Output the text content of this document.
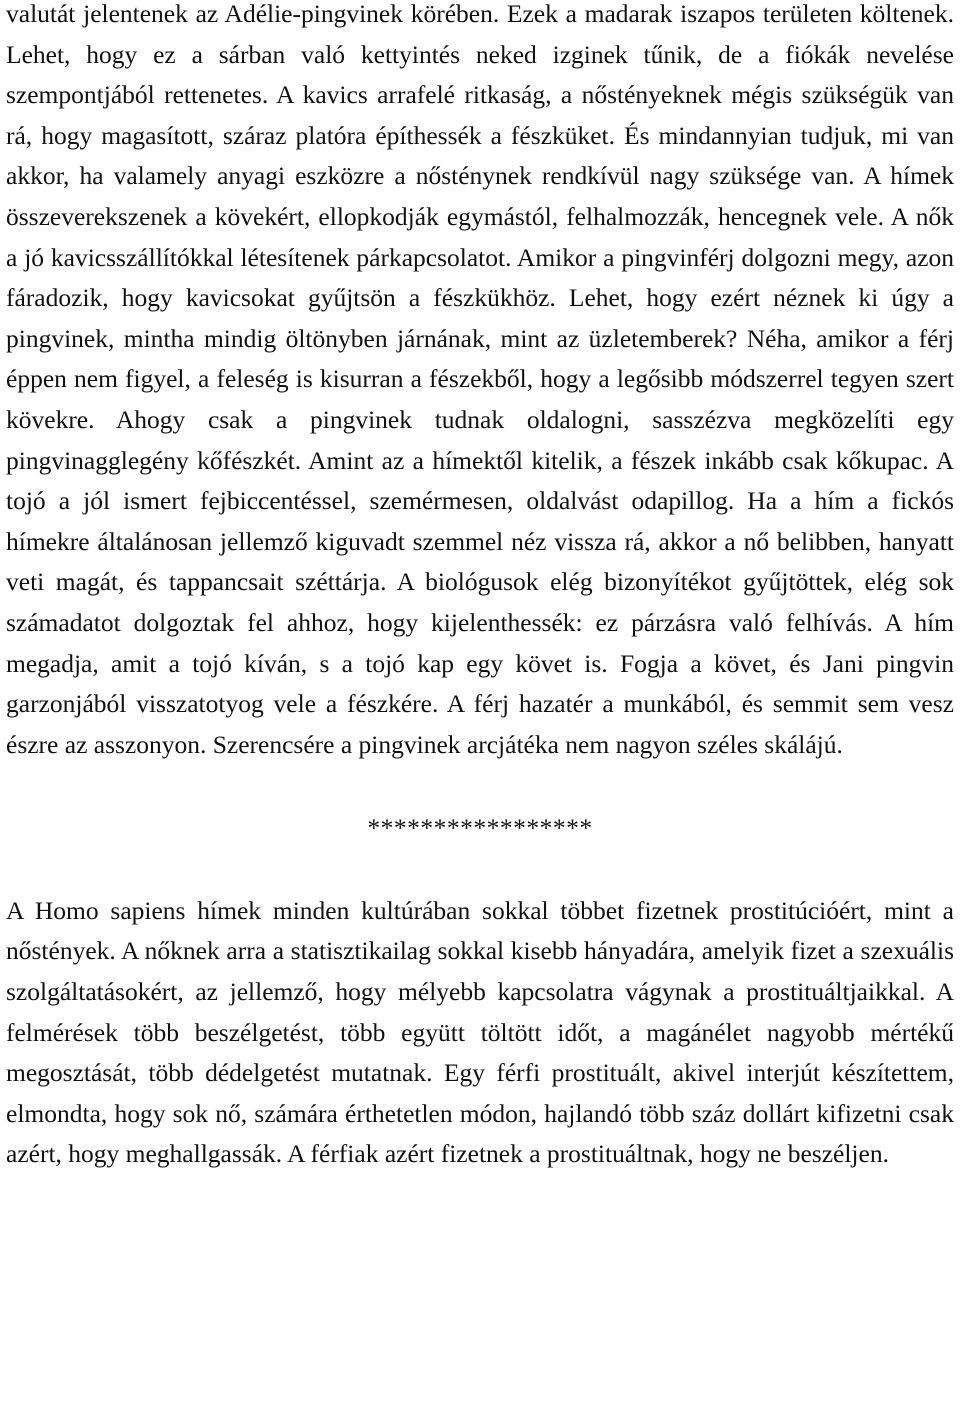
valutát jelentenek az Adélie-pingvinek körében. Ezek a madarak iszapos területen költenek. Lehet, hogy ez a sárban való kettyintés neked izginek tűnik, de a fiókák nevelése szempontjából rettenetes. A kavics arrafelé ritkaság, a nőstényeknek mégis szükségük van rá, hogy magasított, száraz platóra építhessék a fészküket. És mindannyian tudjuk, mi van akkor, ha valamely anyagi eszközre a nősténynek rendkívül nagy szüksége van. A hímek összeverekszenek a kövekért, ellopkodják egymástól, felhalmozzák, hencegnek vele. A nők a jó kavicsszállítókkal létesítenek párkapcsolatot. Amikor a pingvinférj dolgozni megy, azon fáradozik, hogy kavicsokat gyűjtsön a fészkükhöz. Lehet, hogy ezért néznek ki úgy a pingvinek, mintha mindig öltönyben járnának, mint az üzletemberek? Néha, amikor a férj éppen nem figyel, a feleség is kisurran a fészekből, hogy a legősibb módszerrel tegyen szert kövekre. Ahogy csak a pingvinek tudnak oldalogni, sasszézva megközelíti egy pingvinagglegény kőfészkét. Amint az a hímektől kitelik, a fészek inkább csak kőkupac. A tojó a jól ismert fejbiccentéssel, szemérmesen, oldalvást odapillog. Ha a hím a fickós hímekre általánosan jellemző kiguvadt szemmel néz vissza rá, akkor a nő belibben, hanyatt veti magát, és tappancsait széttárja. A biológusok elég bizonyítékot gyűjtöttek, elég sok számadatot dolgoztak fel ahhoz, hogy kijelenthessék: ez párzásra való felhívás. A hím megadja, amit a tojó kíván, s a tojó kap egy követ is. Fogja a követ, és Jani pingvin garzonjából visszatotyog vele a fészkére. A férj hazatér a munkából, és semmit sem vesz észre az asszonyon. Szerencsére a pingvinek arcjátéka nem nagyon széles skálájú.

*****************

A Homo sapiens hímek minden kultúrában sokkal többet fizetnek prostitúcióért, mint a nőstények. A nőknek arra a statisztikailag sokkal kisebb hányadára, amelyik fizet a szexuális szolgáltatásokért, az jellemző, hogy mélyebb kapcsolatra vágynak a prostituáltjaikkal. A felmérések több beszélgetést, több együtt töltött időt, a magánélet nagyobb mértékű megosztását, több dédelgetést mutatnak. Egy férfi prostituált, akivel interjút készítettem, elmondta, hogy sok nő, számára érthetetlen módon, hajlandó több száz dollárt kifizetni csak azért, hogy meghallgassák. A férfiak azért fizetnek a prostituáltnak, hogy ne beszéljen.
